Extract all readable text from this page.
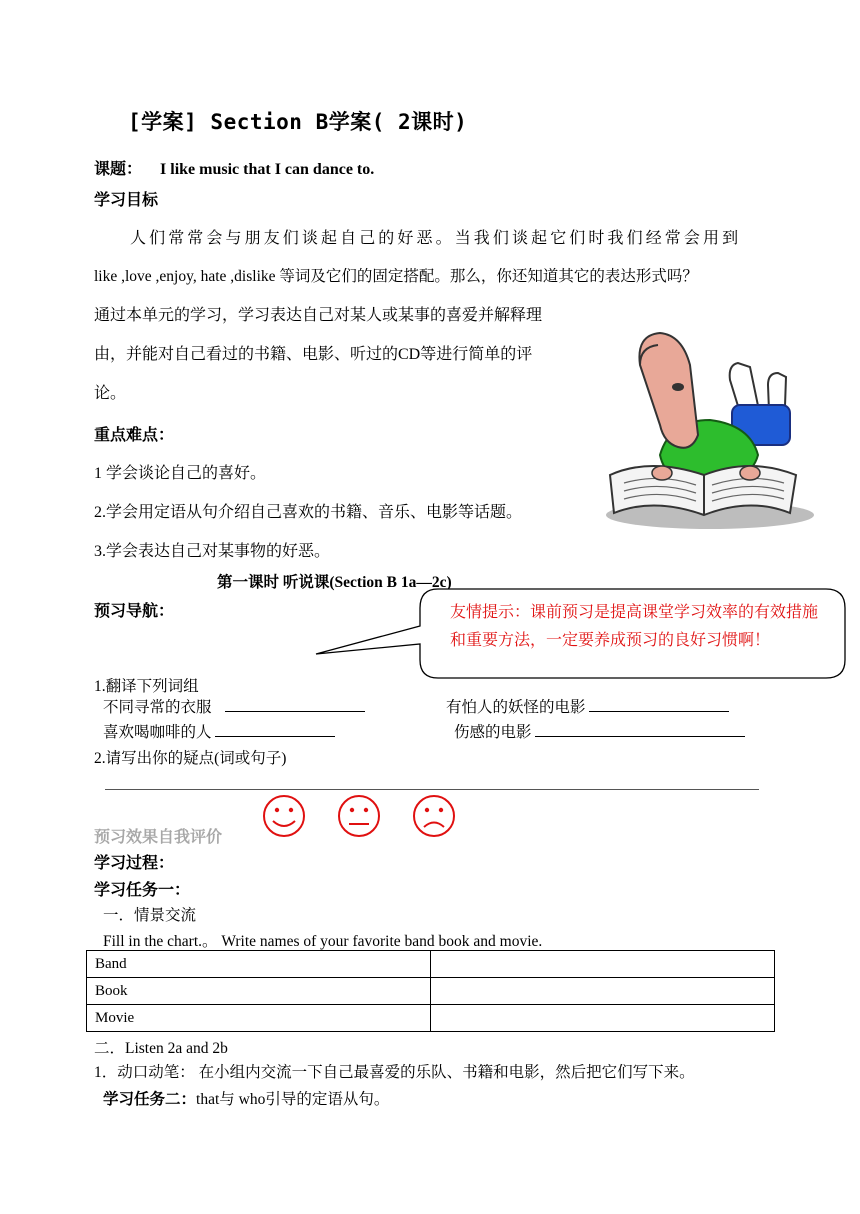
[学案] Section B学案( 2课时)
课题： I like music that I can dance to.
学习目标
人们常常会与朋友们谈起自己的好恶。当我们谈起它们时我们经常会用到
like ,love ,enjoy, hate ,dislike 等词及它们的固定搭配。那么，你还知道其它的表达形式吗？
通过本单元的学习，学习表达自己对某人或某事的喜爱并解释理
由，并能对自己看过的书籍、电影、听过的CD等进行简单的评
论。
重点难点：
1 学会谈论自己的喜好。
2.学会用定语从句介绍自己喜欢的书籍、音乐、电影等话题。
3.学会表达自己对某事物的好恶。
第一课时 听说课(Section B 1a—2c)
预习导航：	友情提示：课前预习是提高课堂学习效率的有效措施和重要方法，一定要养成预习的良好习惯啊！
1.翻译下列词组
不同寻常的衣服	有怕人的妖怪的电影
喜欢喝咖啡的人	伤感的电影
2.请写出你的疑点(词或句子)
预习效果自我评价
学习过程：
学习任务一：
一．情景交流
Fill in the chart.。 Write names of your favorite band book and movie.
Band	
Book	
Movie	
二．Listen 2a and 2b
1．动口动笔： 在小组内交流一下自己最喜爱的乐队、书籍和电影，然后把它们写下来。
学习任务二：that与 who引导的定语从句。
